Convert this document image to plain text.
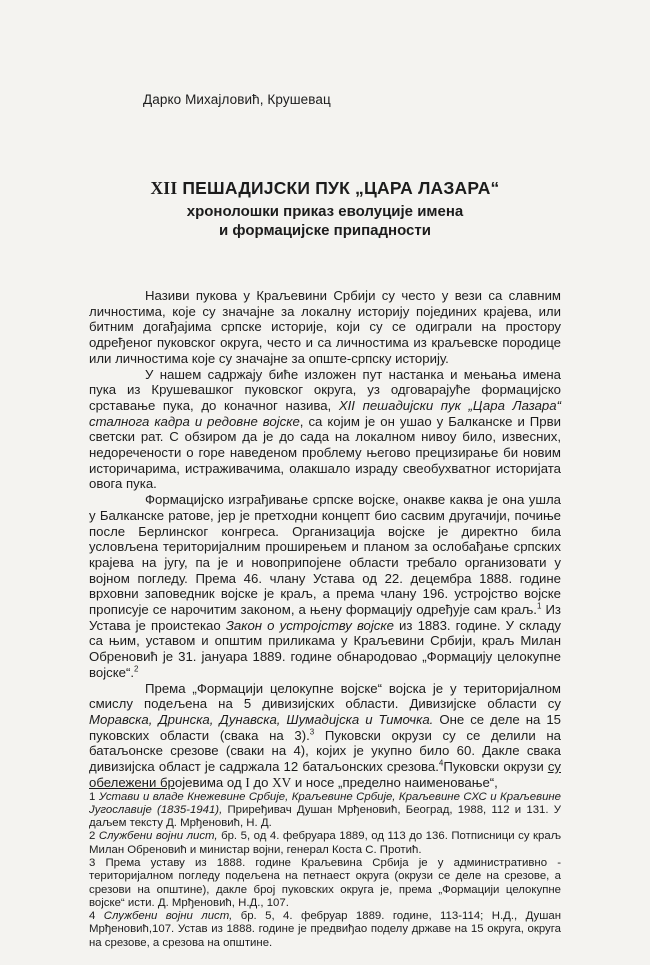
Дарко Михајловић, Крушевац
XII ПЕШАДИЈСКИ ПУК „ЦАРА ЛАЗАРА“
хронолошки приказ еволуције имена
и формацијске припадности

Називи пукова у Краљевини Србији су често у вези са славним личностима, које су значајне за локалну историју појединих крајева, или битним догађајима српске историје, који су се одигрaли на простору одређеног пуковског округа, често и са личностима из краљевске породице или личностима које су значајне за опште-српску историју.

У нашем садржају биће изложен пут настанка и мењања имена пука из Крушевашког пуковског округа, уз одговарајуће формацијско срстaвaњe пука, до коначног назива, XII пешадијски пук „Цара Лазара“ сталнога кадра и редовне војске, са којим је он ушао у Балканске и Први светски рат. С обзиром да је до сада на локалном нивоу било, извесних, недоречености о горе наведеном проблему његово прецизирање би новим историчарима, истраживачима, олакшало израду свеобухватног историјата овога пука.

Формацијско изграђивање српске војске, онакве каква је она ушла у Балканске ратове, јер је претходни концепт био сасвим другачији, почиње после Берлинског конгреса. Организација војске је директно била условљена територијалним проширењем и планом за ослобађање српских крајева на југу, па је и новоприпојене области требало организовати у војном погледу. Према 46. члану Устава од 22. децембра 1888. године врховни заповедник војске је краљ, а према члану 196. устројство војске прописује се нарочитим законом, а њену формацију одређује сам краљ.$^1$ Из Устава је проистекао Закон о устројству војске из 1883. године. У складу са њим, уставом и општим приликама у Краљевини Србији, краљ Милан Обреновић је 31. јануара 1889. године обнародовао „Формацију целокупне војске“.$^2$

Према „Формацији целокупне војске“ војска је у територијалном смислу подељена на 5 дивизијских области. Дивизијске области су Моравска, Дринска, Дунавска, Шумадијска и Тимочка. Оне се деле на 15 пуковских области (свака на 3).$^3$ Пуковски окрузи су се делили на батаљонске срезове (сваки на 4), којих је укупно било 60. Дакле свака дивизијска област је садржала 12 батаљонских срезова.$^4$Пуковски окрузи су обележени бројевима од I до XV и носе „пределно наименовање“,

1 Устави и владе Кнежевине Србије, Краљевине Србије, Краљевине СХС и Краљевине Југославије (1835-1941), Приређивач Душан Мрђеновић, Београд, 1988, 112 и 131. У даљем тексту Д. Мрђеновић, Н. Д.
2 Службени војни лист, бр. 5, од 4. фебруара 1889, од 113 до 136. Потписници су краљ Милан Обреновић и министар војни, генерал Коста С. Протић.
3 Према уставу из 1888. године Краљевина Србија је у административно - територијалном погледу подељена на петнаест округа (окрузи се деле на срезове, а срезови на општине), дакле број пуковских округа је, према „Формацији целокупне војске“ исти. Д. Мрђеновић, Н.Д., 107.
4 Службени војни лист, бр. 5, 4. фебруар 1889. године, 113-114; Н.Д., Душан Мрђеновић,107. Устав из 1888. године је предвиђао поделу државе на 15 округа, округа на срезове, а срезова на општине.
